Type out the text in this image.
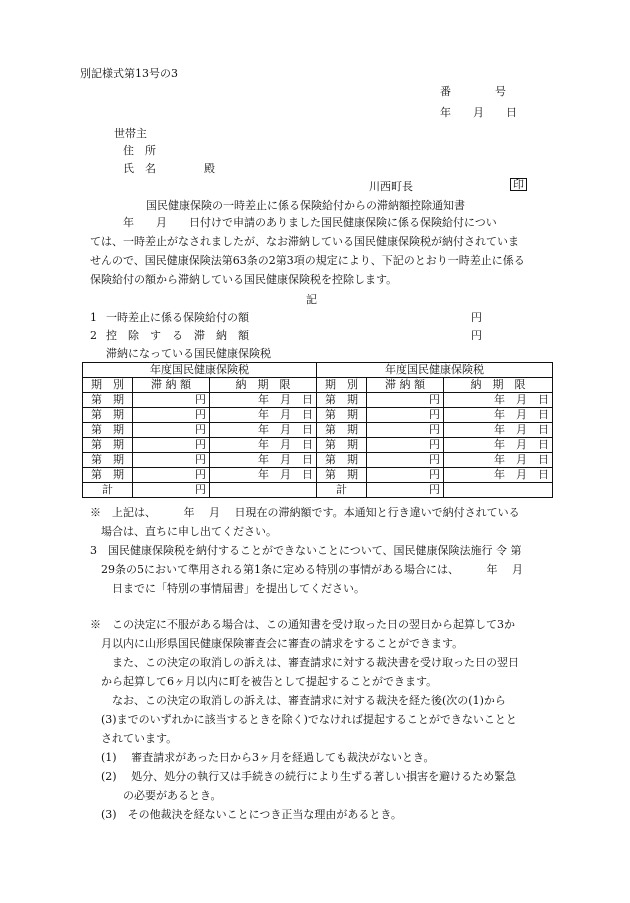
別記様式第13号の3
番　　　　号
年　　月　　日
世帯主
住　所
氏　名	殿
川西町長	印
国民健康保険の一時差止に係る保険給付からの滞納額控除通知書
　　　年　　月　　日付けで申請のありました国民健康保険に係る保険給付につい
ては、一時差止がなされましたが、なお滞納している国民健康保険税が納付されていま
せんので、国民健康保険法第63条の2第3項の規定により、下記のとおり一時差止に係る
保険給付の額から滞納している国民健康保険税を控除します。
記
1 一時差止に係る保険給付の額	円
2 控　除　す　る　滞　納　額	円
滞納になっている国民健康保険税
年度国民健康保険税			年度国民健康保険税		
期　別	滞 納 額	納　期　限	期　別	滞 納 額	納　期　限
第　期	円	年　月　日	第　期	円	年　月　日
第　期	円	年　月　日	第　期	円	年　月　日
第　期	円	年　月　日	第　期	円	年　月　日
第　期	円	年　月　日	第　期	円	年　月　日
第　期	円	年　月　日	第　期	円	年　月　日
第　期	円	年　月　日	第　期	円	年　月　日
計	円		計	円	
※　上記は、　　　年　 月　 日現在の滞納額です。本通知と行き違いで納付されている
　場合は、直ちに申し出てください。
3　国民健康保険税を納付することができないことについて、国民健康保険法施行 令 第
　29条の5において準用される第1条に定める特別の事情がある場合には、　　　年　 月
　　日までに「特別の事情届書」を提出してください。
※　この決定に不服がある場合は、この通知書を受け取った日の翌日から起算して3か
　月以内に山形県国民健康保険審査会に審査の請求をすることができます。
　　また、この決定の取消しの訴えは、審査請求に対する裁決書を受け取った日の翌日
　から起算して6ヶ月以内に町を被告として提起することができます。
　　なお、この決定の取消しの訴えは、審査請求に対する裁決を経た後(次の(1)から
　(3)までのいずれかに該当するときを除く)でなければ提起することができないことと
　されています。
　(1)　 審査請求があった日から3ヶ月を経過しても裁決がないとき。
　(2)　 処分、処分の執行又は手続きの続行により生ずる著しい損害を避けるため緊急
　　　の必要があるとき。
　(3)　その他裁決を経ないことにつき正当な理由があるとき。
